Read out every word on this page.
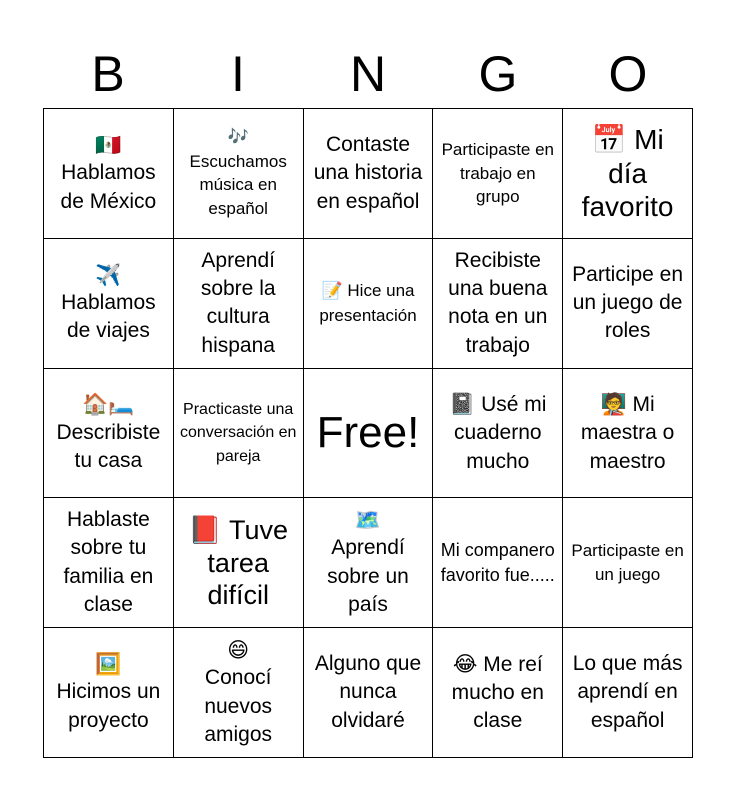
B	I	N	G	O
🇲🇽
Hablamos de México
🎶
Escuchamos música en español
Contaste una historia en español
Participaste en trabajo en grupo
📅 Mi día favorito
✈️
Hablamos de viajes
Aprendí sobre la cultura hispana
📝 Hice una presentación
Recibiste una buena nota en un trabajo
Participe en un juego de roles
🏠🛏️
Describiste tu casa
Practicaste una conversación en pareja	Free!
📓 Usé mi cuaderno mucho
🧑‍🏫 Mi maestra o maestro
Hablaste sobre tu familia en clase
📕 Tuve tarea difícil
🗺️
Aprendí sobre un país
Mi companero favorito fue.....
Participaste en un juego
🖼️
Hicimos un proyecto
😄
Conocí nuevos amigos
Alguno que nunca olvidaré
😂 Me reí mucho en clase
Lo que más aprendí en español
